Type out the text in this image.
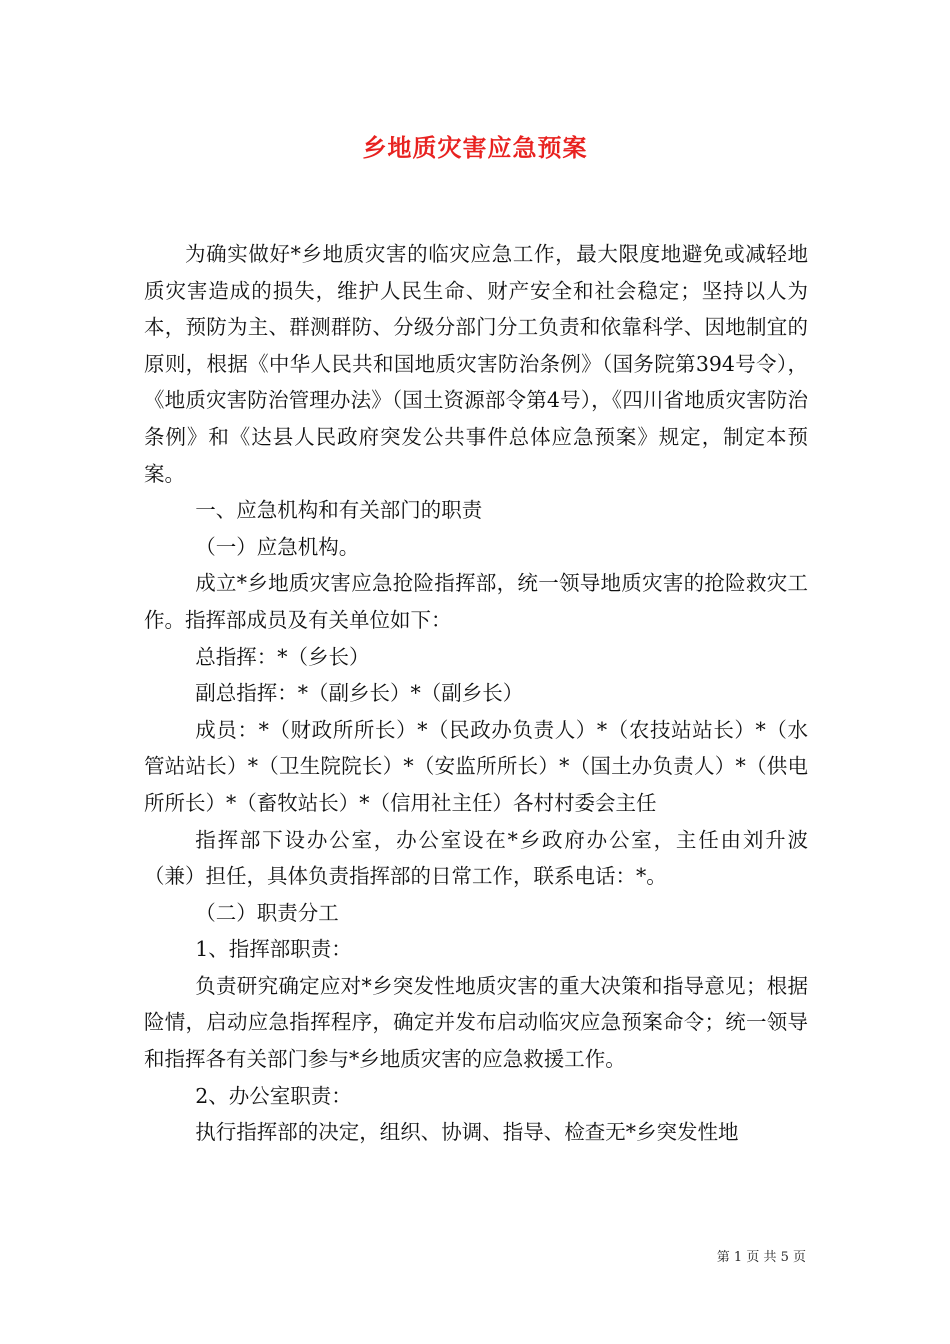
乡地质灾害应急预案

为确实做好*乡地质灾害的临灾应急工作，最大限度地避免或减轻地质灾害造成的损失，维护人民生命、财产安全和社会稳定；坚持以人为本，预防为主、群测群防、分级分部门分工负责和依靠科学、因地制宜的原则，根据《中华人民共和国地质灾害防治条例》（国务院第394号令），《地质灾害防治管理办法》（国土资源部令第4号），《四川省地质灾害防治条例》和《达县人民政府突发公共事件总体应急预案》规定，制定本预案。

一、应急机构和有关部门的职责

（一）应急机构。

成立*乡地质灾害应急抢险指挥部，统一领导地质灾害的抢险救灾工作。指挥部成员及有关单位如下：

总指挥：*（乡长）

副总指挥：*（副乡长）*（副乡长）

成员：*（财政所所长）*（民政办负责人）*（农技站站长）*（水管站站长）*（卫生院院长）*（安监所所长）*（国土办负责人）*（供电所所长）*（畜牧站长）*（信用社主任）各村村委会主任

指挥部下设办公室，办公室设在*乡政府办公室，主任由刘升波（兼）担任，具体负责指挥部的日常工作，联系电话：*。

（二）职责分工

1、指挥部职责：

负责研究确定应对*乡突发性地质灾害的重大决策和指导意见；根据险情，启动应急指挥程序，确定并发布启动临灾应急预案命令；统一领导和指挥各有关部门参与*乡地质灾害的应急救援工作。

2、办公室职责：

执行指挥部的决定，组织、协调、指导、检查无*乡突发性地

第 1 页 共 5 页
